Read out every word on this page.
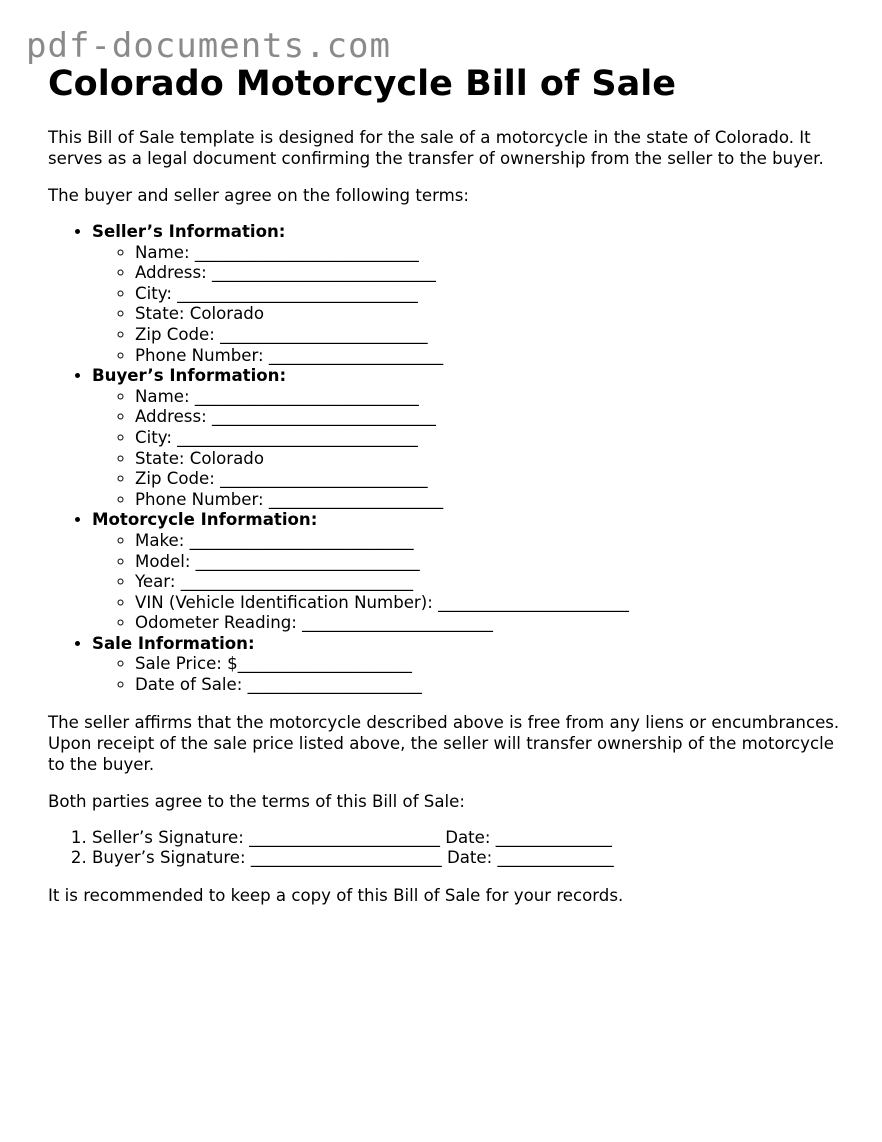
pdf-documents.com
Colorado Motorcycle Bill of Sale

This Bill of Sale template is designed for the sale of a motorcycle in the state of Colorado. It serves as a legal document confirming the transfer of ownership from the seller to the buyer.

The buyer and seller agree on the following terms:

• Seller’s Information:
◦ Name: ___________________________
◦ Address: ___________________________
◦ City: _____________________________
◦ State: Colorado
◦ Zip Code: _________________________
◦ Phone Number: _____________________
• Buyer’s Information:
◦ Name: ___________________________
◦ Address: ___________________________
◦ City: _____________________________
◦ State: Colorado
◦ Zip Code: _________________________
◦ Phone Number: _____________________
• Motorcycle Information:
◦ Make: ___________________________
◦ Model: ___________________________
◦ Year: ____________________________
◦ VIN (Vehicle Identification Number): _______________________
◦ Odometer Reading: _______________________
• Sale Information:
◦ Sale Price: $_____________________
◦ Date of Sale: _____________________

The seller affirms that the motorcycle described above is free from any liens or encumbrances. Upon receipt of the sale price listed above, the seller will transfer ownership of the motorcycle to the buyer.

Both parties agree to the terms of this Bill of Sale:

1. Seller’s Signature: _______________________ Date: ______________
2. Buyer’s Signature: _______________________ Date: ______________

It is recommended to keep a copy of this Bill of Sale for your records.
